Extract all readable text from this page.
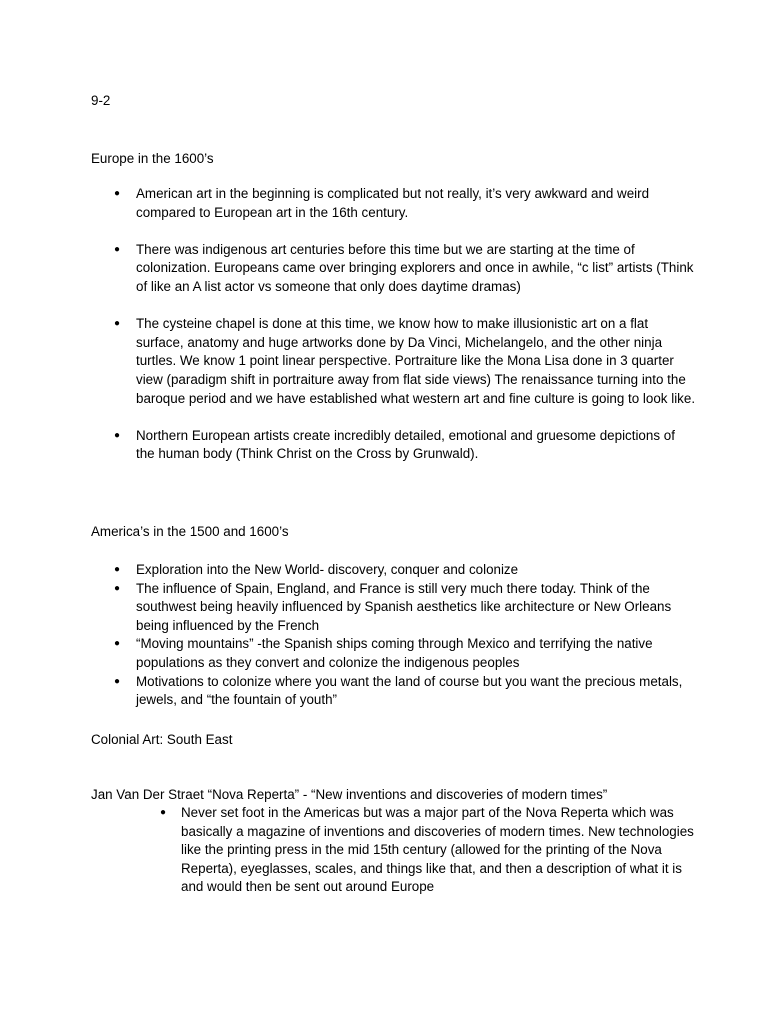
9-2

Europe in the 1600’s

● American art in the beginning is complicated but not really, it’s very awkward and weird compared to European art in the 16th century.
● There was indigenous art centuries before this time but we are starting at the time of colonization. Europeans came over bringing explorers and once in awhile, “c list” artists (Think of like an A list actor vs someone that only does daytime dramas)
● The cysteine chapel is done at this time, we know how to make illusionistic art on a flat surface, anatomy and huge artworks done by Da Vinci, Michelangelo, and the other ninja turtles. We know 1 point linear perspective. Portraiture like the Mona Lisa done in 3 quarter view (paradigm shift in portraiture away from flat side views) The renaissance turning into the baroque period and we have established what western art and fine culture is going to look like.
● Northern European artists create incredibly detailed, emotional and gruesome depictions of the human body (Think Christ on the Cross by Grunwald).

America’s in the 1500 and 1600’s

● Exploration into the New World- discovery, conquer and colonize
● The influence of Spain, England, and France is still very much there today. Think of the southwest being heavily influenced by Spanish aesthetics like architecture or New Orleans being influenced by the French
● “Moving mountains” -the Spanish ships coming through Mexico and terrifying the native populations as they convert and colonize the indigenous peoples
● Motivations to colonize where you want the land of course but you want the precious metals, jewels, and “the fountain of youth”

Colonial Art: South East

Jan Van Der Straet “Nova Reperta” - “New inventions and discoveries of modern times”

● Never set foot in the Americas but was a major part of the Nova Reperta which was basically a magazine of inventions and discoveries of modern times. New technologies like the printing press in the mid 15th century (allowed for the printing of the Nova Reperta), eyeglasses, scales, and things like that, and then a description of what it is and would then be sent out around Europe
